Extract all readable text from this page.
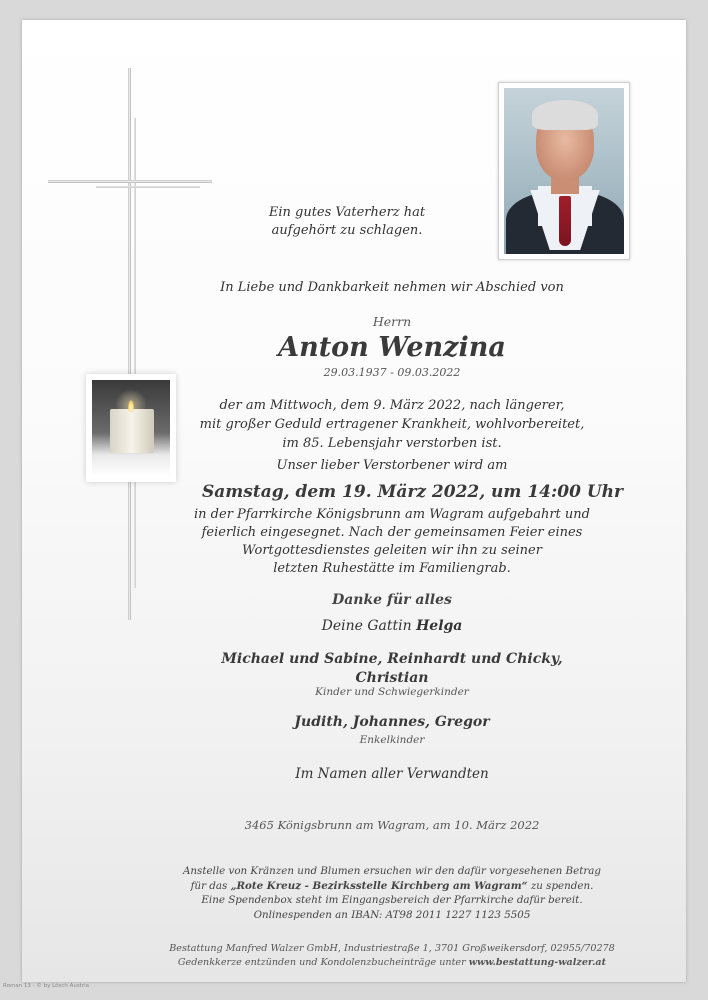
Ein gutes Vaterherz hat
aufgehört zu schlagen.

In Liebe und Dankbarkeit nehmen wir Abschied von

Herrn

Anton Wenzina

29.03.1937 - 09.03.2022

der am Mittwoch, dem 9. März 2022, nach längerer,
mit großer Geduld ertragener Krankheit, wohlvorbereitet,
im 85. Lebensjahr verstorben ist.

Unser lieber Verstorbener wird am

Samstag, dem 19. März 2022, um 14:00 Uhr

in der Pfarrkirche Königsbrunn am Wagram aufgebahrt und
feierlich eingesegnet. Nach der gemeinsamen Feier eines
Wortgottesdienstes geleiten wir ihn zu seiner
letzten Ruhestätte im Familiengrab.

Danke für alles

Deine Gattin Helga

Michael und Sabine, Reinhardt und Chicky,
Christian

Kinder und Schwiegerkinder

Judith, Johannes, Gregor

Enkelkinder

Im Namen aller Verwandten

3465 Königsbrunn am Wagram, am 10. März 2022

Anstelle von Kränzen und Blumen ersuchen wir den dafür vorgesehenen Betrag
für das „Rote Kreuz - Bezirksstelle Kirchberg am Wagram“ zu spenden.
Eine Spendenbox steht im Eingangsbereich der Pfarrkirche dafür bereit.
Onlinespenden an IBAN: AT98 2011 1227 1123 5505
Bestattung Manfred Walzer GmbH, Industriestraße 1, 3701 Großweikersdorf, 02955/70278
Gedenkkerze entzünden und Kondolenzbucheinträge unter www.bestattung-walzer.at

Roman 13 - © by Lösch Austria
